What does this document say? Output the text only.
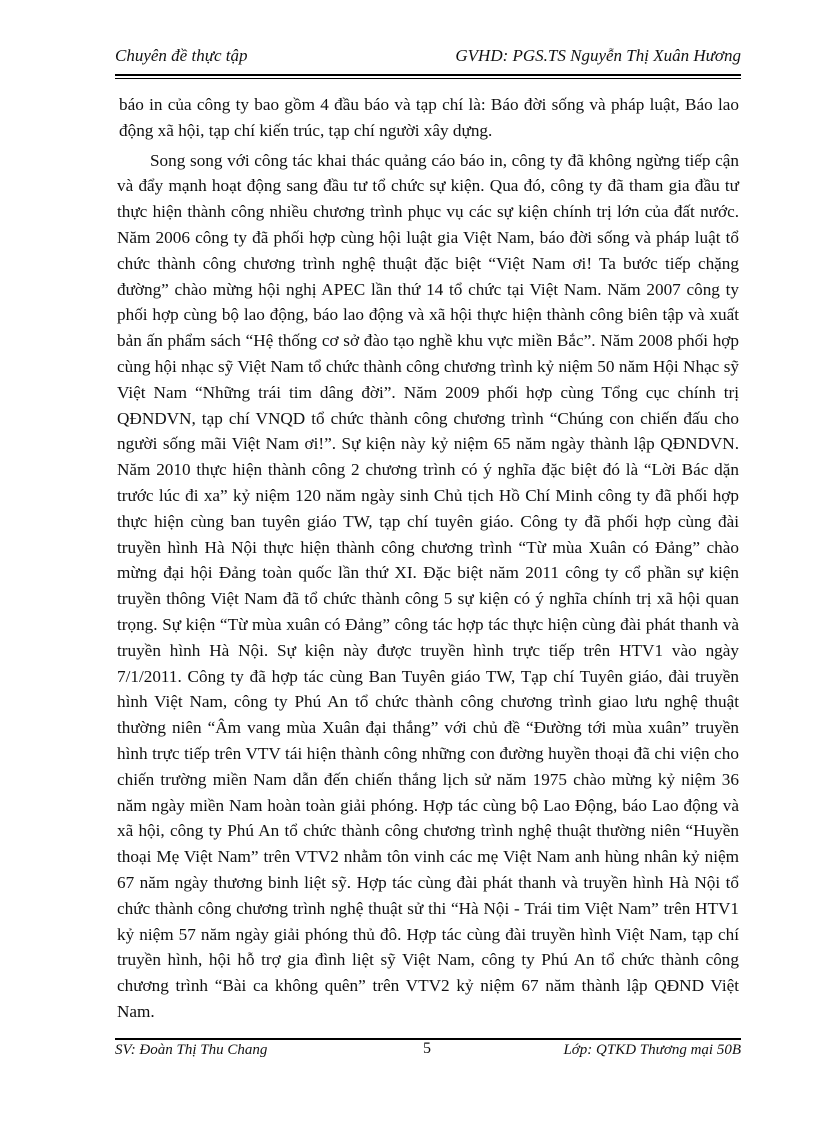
Chuyên đề thực tập	GVHD: PGS.TS Nguyễn Thị Xuân Hương

báo in của công ty bao gồm 4 đầu báo và tạp chí là: Báo đời sống và pháp luật, Báo lao động xã hội, tạp chí kiến trúc, tạp chí người xây dựng.

Song song với công tác khai thác quảng cáo báo in, công ty đã không ngừng tiếp cận và đẩy mạnh hoạt động sang đầu tư tổ chức sự kiện. Qua đó, công ty đã tham gia đầu tư thực hiện thành công nhiều chương trình phục vụ các sự kiện chính trị lớn của đất nước. Năm 2006 công ty đã phối hợp cùng hội luật gia Việt Nam, báo đời sống và pháp luật tổ chức thành công chương trình nghệ thuật đặc biệt “Việt Nam ơi! Ta bước tiếp chặng đường” chào mừng hội nghị APEC lần thứ 14 tổ chức tại Việt Nam. Năm 2007 công ty phối hợp cùng bộ lao động, báo lao động và xã hội thực hiện thành công biên tập và xuất bản ấn phẩm sách “Hệ thống cơ sở đào tạo nghề khu vực miền Bắc”. Năm 2008 phối hợp cùng hội nhạc sỹ Việt Nam tổ chức thành công chương trình kỷ niệm 50 năm Hội Nhạc sỹ Việt Nam “Những trái tim dâng đời”. Năm 2009 phối hợp cùng Tổng cục chính trị QĐNDVN, tạp chí VNQD tổ chức thành công chương trình “Chúng con chiến đấu cho người sống mãi Việt Nam ơi!”. Sự kiện này kỷ niệm 65 năm ngày thành lập QĐNDVN. Năm 2010 thực hiện thành công 2 chương trình có ý nghĩa đặc biệt đó là “Lời Bác dặn trước lúc đi xa” kỷ niệm 120 năm ngày sinh Chủ tịch Hồ Chí Minh công ty đã phối hợp thực hiện cùng ban tuyên giáo TW, tạp chí tuyên giáo. Công ty đã phối hợp cùng đài truyền hình Hà Nội thực hiện thành công chương trình “Từ mùa Xuân có Đảng” chào mừng đại hội Đảng toàn quốc lần thứ XI. Đặc biệt năm 2011 công ty cổ phần sự kiện truyền thông Việt Nam đã tổ chức thành công 5 sự kiện có ý nghĩa chính trị xã hội quan trọng. Sự kiện “Từ mùa xuân có Đảng” công tác hợp tác thực hiện cùng đài phát thanh và truyền hình Hà Nội. Sự kiện này được truyền hình trực tiếp trên HTV1 vào ngày 7/1/2011. Công ty đã hợp tác cùng Ban Tuyên giáo TW, Tạp chí Tuyên giáo, đài truyền hình Việt Nam, công ty Phú An tổ chức thành công chương trình giao lưu nghệ thuật thường niên “Âm vang mùa Xuân đại thắng” với chủ đề “Đường tới mùa xuân” truyền hình trực tiếp trên VTV tái hiện thành công những con đường huyền thoại đã chi viện cho chiến trường miền Nam dẫn đến chiến thắng lịch sử năm 1975 chào mừng kỷ niệm 36 năm ngày miền Nam hoàn toàn giải phóng. Hợp tác cùng bộ Lao Động, báo Lao động và xã hội, công ty Phú An tổ chức thành công chương trình nghệ thuật thường niên “Huyền thoại Mẹ Việt Nam” trên VTV2 nhằm tôn vinh các mẹ Việt Nam anh hùng nhân kỷ niệm 67 năm ngày thương binh liệt sỹ. Hợp tác cùng đài phát thanh và truyền hình Hà Nội tổ chức thành công chương trình nghệ thuật sử thi “Hà Nội - Trái tim Việt Nam” trên HTV1 kỷ niệm 57 năm ngày giải phóng thủ đô. Hợp tác cùng đài truyền hình Việt Nam, tạp chí truyền hình, hội hỗ trợ gia đình liệt sỹ Việt Nam, công ty Phú An tổ chức thành công chương trình “Bài ca không quên” trên VTV2 kỷ niệm 67 năm thành lập QĐND Việt Nam.

SV: Đoàn Thị Thu Chang	5	Lớp: QTKD Thương mại 50B
